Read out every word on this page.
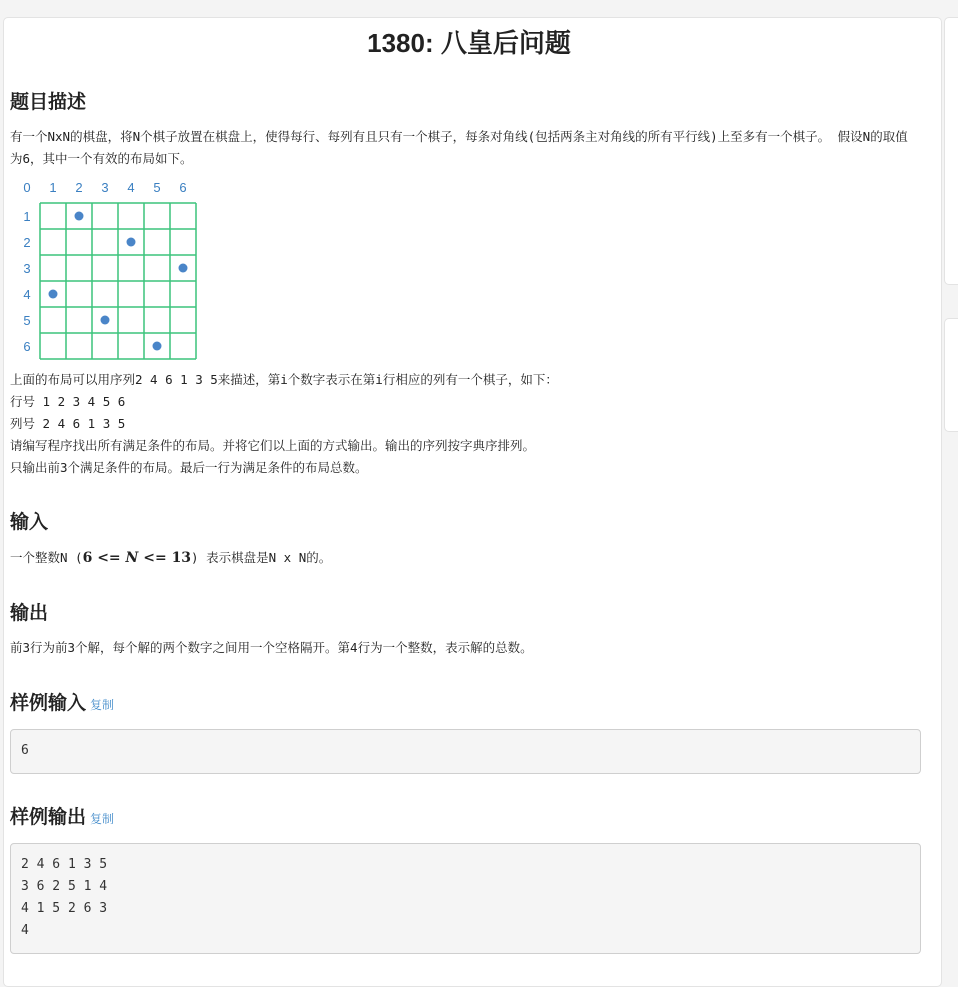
1380: 八皇后问题
题目描述

有一个NxN的棋盘，将N个棋子放置在棋盘上，使得每行、每列有且只有一个棋子，每条对角线(包括两条主对角线的所有平行线)上至多有一个棋子。 假设N的取值为6，其中一个有效的布局如下。

0 1 2 3 4 5 6
1
2
3
4
5
6

上面的布局可以用序列2 4 6 1 3 5来描述，第i个数字表示在第i行相应的列有一个棋子，如下：

行号 1 2 3 4 5 6

列号 2 4 6 1 3 5

请编写程序找出所有满足条件的布局。并将它们以上面的方式输出。输出的序列按字典序排列。

只输出前3个满足条件的布局。最后一行为满足条件的布局总数。

输入

一个整数N (6 <= N <= 13) 表示棋盘是N x N的。

输出

前3行为前3个解，每个解的两个数字之间用一个空格隔开。第4行为一个整数，表示解的总数。

样例输入 复制
6
样例输出 复制
2 4 6 1 3 5
3 6 2 5 1 4
4 1 5 2 6 3
4
